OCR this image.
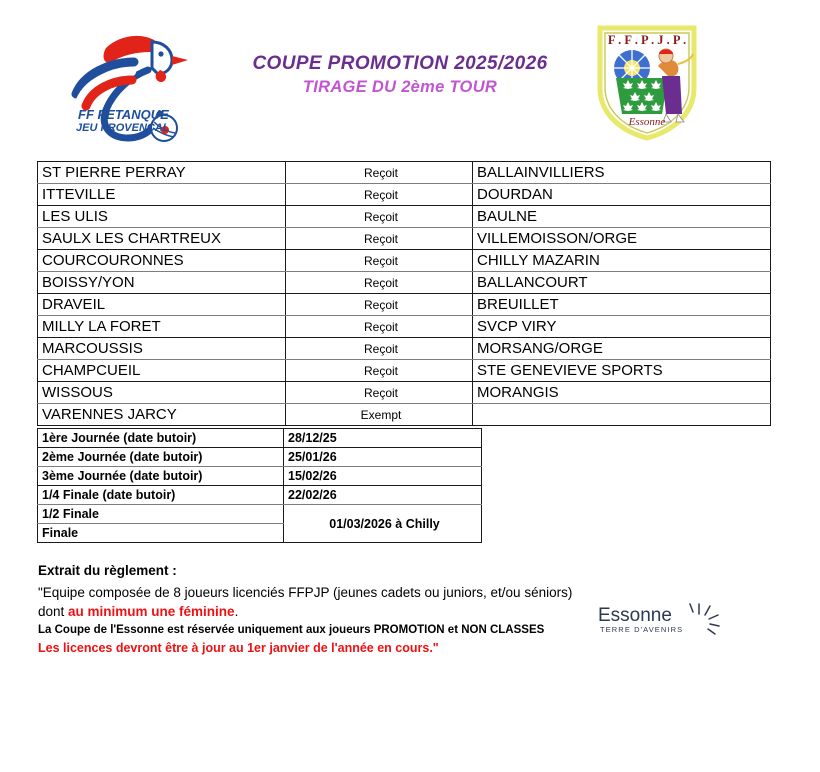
FF PETANQUE
JEU PROVENÇAL
COUPE PROMOTION 2025/2026
TIRAGE DU 2ème TOUR
F . F . P . J . P .
Essonne
ST PIERRE PERRAY	Reçoit	BALLAINVILLIERS
ITTEVILLE	Reçoit	DOURDAN
LES ULIS	Reçoit	BAULNE
SAULX LES CHARTREUX	Reçoit	VILLEMOISSON/ORGE
COURCOURONNES	Reçoit	CHILLY MAZARIN
BOISSY/YON	Reçoit	BALLANCOURT
DRAVEIL	Reçoit	BREUILLET
MILLY LA FORET	Reçoit	SVCP VIRY
MARCOUSSIS	Reçoit	MORSANG/ORGE
CHAMPCUEIL	Reçoit	STE GENEVIEVE SPORTS
WISSOUS	Reçoit	MORANGIS
VARENNES JARCY	Exempt	
1ère Journée (date butoir)	28/12/25
2ème Journée (date butoir)	25/01/26
3ème Journée (date butoir)	15/02/26
1/4 Finale (date butoir)	22/02/26
1/2 Finale	01/03/2026 à Chilly
Finale	
Extrait du règlement :
"Equipe composée de 8 joueurs licenciés FFPJP (jeunes cadets ou juniors, et/ou séniors)
dont au minimum une féminine.
La Coupe de l'Essonne est réservée uniquement aux joueurs PROMOTION et NON CLASSES
Les licences devront être à jour au 1er janvier de l'année en cours."
Essonne
TERRE D'AVENIRS
